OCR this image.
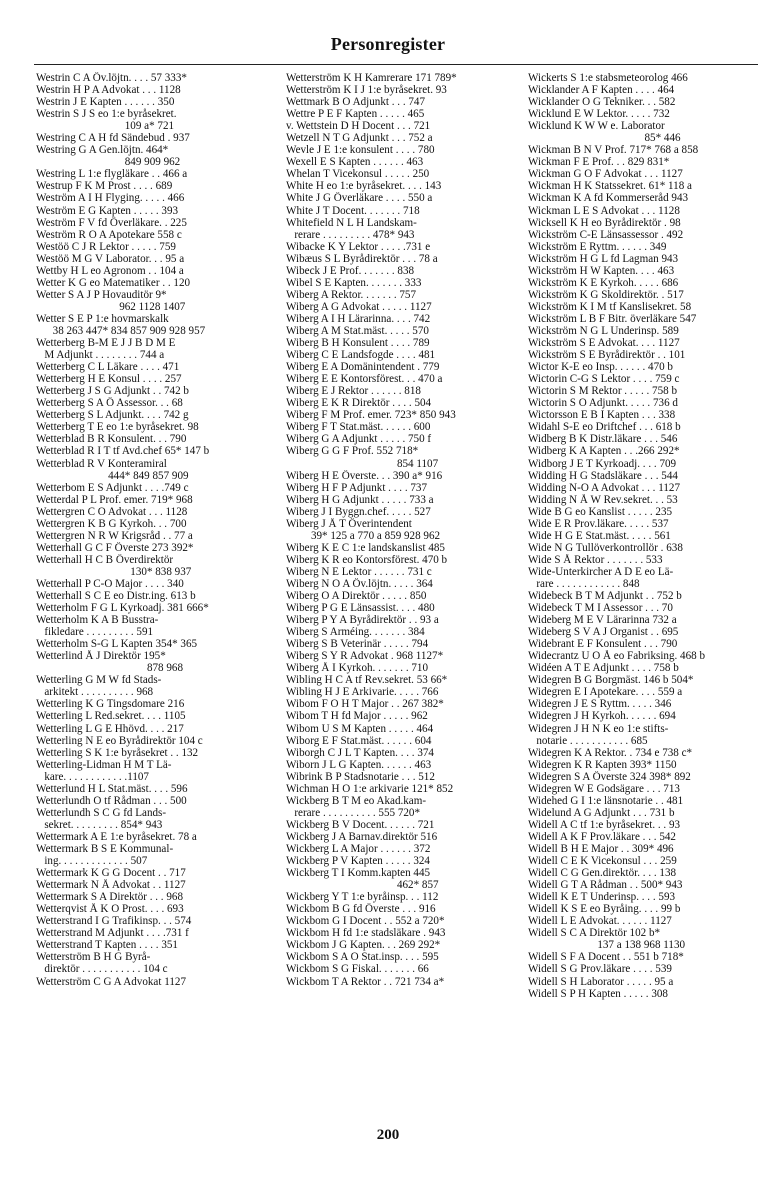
Personregister
Westrin C A Öv.löjtn. . . . 57 333*
Westrin H P A Advokat . . . 1128
Westrin J E Kapten . . . . . . 350
Westrin S J S eo 1:e byråsekret.
109 a* 721
Westring C A H fd Sändebud . 937
Westring G A Gen.löjtn. 464*
849 909 962
Westring L 1:e flygläkare . . 466 a
Westrup F K M Prost . . . . 689
Weström A I H Flyging. . . . . 466
Weström E G Kapten . . . . . 393
Weström F V fd Överläkare. . 225
Weström R O A Apotekare 558 c
Westöö C J R Lektor . . . . . 759
Westöö M G V Laborator. . . 95 a
Wettby H L eo Agronom . . 104 a
Wetter K G eo Matematiker . . 120
Wetter S A J P Hovauditör 9*
962 1128 1407
Wetter S E P 1:e hovmarskalk
38 263 447* 834 857 909 928 957
Wetterberg B-M E J J B D M E
M Adjunkt . . . . . . . . 744 a
Wetterberg C L Läkare . . . . 471
Wetterberg H E Konsul . . . . 257
Wetterberg J S G Adjunkt . . 742 b
Wetterberg S A Ö Assessor. . . 68
Wetterberg S L Adjunkt. . . . 742 g
Wetterberg T E eo 1:e byråsekret. 98
Wetterblad B R Konsulent. . . 790
Wetterblad R I T tf Avd.chef 65* 147 b
Wetterblad R V Konteramiral
444* 849 857 909
Wetterbom E S Adjunkt . . . .749 c
Wetterdal P L Prof. emer. 719* 968
Wettergren C O Advokat . . . 1128
Wettergren K B G Kyrkoh. . . 700
Wettergren N R W Krigsråd . . 77 a
Wetterhall G C F Överste 273 392*
Wetterhall H C B Överdirektör
130* 838 937
Wetterhall P C-O Major . . . . 340
Wetterhall S C E eo Distr.ing. 613 b
Wetterholm F G L Kyrkoadj. 381 666*
Wetterholm K A B Busstra-
fikledare . . . . . . . . . 591
Wetterholm S-G L Kapten 354* 365
Wetterlind Å J Direktör 195*
878 968
Wetterling G M W fd Stads-
arkitekt . . . . . . . . . . 968
Wetterling K G Tingsdomare 216
Wetterling L Red.sekret. . . . 1105
Wetterling L G E Hhövd. . . . 217
Wetterling N E eo Byrådirektör 104 c
Wetterling S K 1:e byråsekret . . 132
Wetterling-Lidman H M T Lä-
kare. . . . . . . . . . . .1107
Wetterlund H L Stat.mäst. . . . 596
Wetterlundh O tf Rådman . . . 500
Wetterlundh S C G fd Lands-
sekret. . . . . . . . . 854* 943
Wettermark A E 1:e byråsekret. 78 a
Wettermark B S E Kommunal-
ing. . . . . . . . . . . . . 507
Wettermark K G G Docent . . 717
Wettermark N Å Advokat . . 1127
Wettermark S A Direktör . . . 968
Wetterqvist Å K O Prost. . . . 693
Wetterstrand I G Trafikinsp. . . 574
Wetterstrand M Adjunkt . . . .731 f
Wetterstrand T Kapten . . . . 351
Wetterström B H G Byrå-
direktör . . . . . . . . . . . 104 c
Wetterström C G A Advokat 1127
Wetterström K H Kamrerare 171 789*
Wetterström K I J 1:e byråsekret. 93
Wettmark B O Adjunkt . . . 747
Wettre P E F Kapten . . . . . 465
v. Wettstein D H Docent . . . 721
Wetzell N T G Adjunkt . . . 752 a
Wevle J E 1:e konsulent . . . . 780
Wexell E S Kapten . . . . . . 463
Whelan T Vicekonsul . . . . . 250
White H eo 1:e byråsekret. . . . 143
White J G Överläkare . . . . 550 a
White J T Docent. . . . . . . 718
Whitefield N L H Landskam-
rerare . . . . . . . . . 478* 943
Wibacke K Y Lektor . . . . .731 e
Wibæus S L Byrådirektör . . . 78 a
Wibeck J E Prof. . . . . . . 838
Wibel S E Kapten. . . . . . . 333
Wiberg A Rektor. . . . . . . 757
Wiberg A G Advokat . . . . . 1127
Wiberg A I H Lärarinna. . . . 742
Wiberg A M Stat.mäst. . . . . 570
Wiberg B H Konsulent . . . . 789
Wiberg C E Landsfogde . . . . 481
Wiberg E A Domänintendent . 779
Wiberg E E Kontorsförest. . . 470 a
Wiberg E J Rektor . . . . . . 818
Wiberg E K R Direktör . . . . 504
Wiberg F M Prof. emer. 723* 850 943
Wiberg F T Stat.mäst. . . . . . 600
Wiberg G A Adjunkt . . . . . 750 f
Wiberg G G F Prof. 552 718*
854 1107
Wiberg H E Överste. . . 390 a* 916
Wiberg H F P Adjunkt . . . . 737
Wiberg H G Adjunkt . . . . . 733 a
Wiberg J I Byggn.chef. . . . . 527
Wiberg J Å T Överintendent
39* 125 a 770 a 859 928 962
Wiberg K E C 1:e landskanslist 485
Wiberg K R eo Kontorsförest. 470 b
Wiberg N E Lektor . . . . . . 731 c
Wiberg N O A Öv.löjtn. . . . . 364
Wiberg O A Direktör . . . . . 850
Wiberg P G E Länsassist. . . . 480
Wiberg P Y A Byrådirektör . . 93 a
Wiberg S Arméing. . . . . . . 384
Wiberg S B Veterinär . . . . . 794
Wiberg S Y R Advokat . 968 1127*
Wiberg Å I Kyrkoh. . . . . . . 710
Wibling H C A tf Rev.sekret. 53 66*
Wibling H J E Arkivarie. . . . . 766
Wibom F O H T Major . . 267 382*
Wibom T H fd Major . . . . . 962
Wibom U S M Kapten . . . . . 464
Wiborg E F Stat.mäst. . . . . . 604
Wiborgh C J L T Kapten. . . . 374
Wiborn J L G Kapten. . . . . . 463
Wibrink B P Stadsnotarie . . . 512
Wichman H O 1:e arkivarie 121* 852
Wickberg B T M eo Akad.kam-
rerare . . . . . . . . . . 555 720*
Wickberg B V Docent. . . . . . 721
Wickberg J A Barnav.direktör 516
Wickberg L A Major . . . . . . 372
Wickberg P V Kapten . . . . . 324
Wickberg T I Komm.kapten 445
462* 857
Wickberg Y T 1:e byråinsp. . . 112
Wickbom B G fd Överste . . . 916
Wickbom G I Docent . . 552 a 720*
Wickbom H fd 1:e stadsläkare . 943
Wickbom J G Kapten. . . 269 292*
Wickbom S A O Stat.insp. . . . 595
Wickbom S G Fiskal. . . . . . . 66
Wickbom T A Rektor . . 721 734 a*
Wickerts S 1:e stabsmeteorolog 466
Wicklander A F Kapten . . . . 464
Wicklander O G Tekniker. . . 582
Wicklund E W Lektor. . . . . 732
Wicklund K W W e. Laborator
85* 446
Wickman B N V Prof. 717* 768 a 858
Wickman F E Prof. . . 829 831*
Wickman G O F Advokat . . . 1127
Wickman H K Statssekret. 61* 118 a
Wickman K A fd Kommerseråd 943
Wickman L E S Advokat . . . 1128
Wicksell K H eo Byrådirektör . 98
Wickström C-E Länsassessor . 492
Wickström E Ryttm. . . . . . 349
Wickström H G L fd Lagman 943
Wickström H W Kapten. . . . 463
Wickström K E Kyrkoh. . . . . 686
Wickström K G Skoldirektör. . 517
Wickström K I M tf Kanslisekret. 58
Wickström L B F Bitr. överläkare 547
Wickström N G L Underinsp. 589
Wickström S E Advokat. . . . 1127
Wickström S E Byrådirektör . . 101
Wictor K-E eo Insp. . . . . . 470 b
Wictorin C-G S Lektor . . . . 759 c
Wictorin S M Rektor . . . . . 758 b
Wictorin S O Adjunkt. . . . . 736 d
Wictorsson E B I Kapten . . . 338
Widahl S-E eo Driftchef . . . 618 b
Widberg B K Distr.läkare . . . 546
Widberg K A Kapten . . .266 292*
Widborg J E T Kyrkoadj. . . . 709
Widding H G Stadsläkare . . . 544
Widding N-O A Advokat . . . 1127
Widding N Å W Rev.sekret. . . 53
Wide B G eo Kanslist . . . . . 235
Wide E R Prov.läkare. . . . . 537
Wide H G E Stat.mäst. . . . . 561
Wide N G Tullöverkontrollör . 638
Wide S Å Rektor . . . . . . . 533
Wide-Unterkircher A D E eo Lä-
rare . . . . . . . . . . . . 848
Widebeck B T M Adjunkt . . 752 b
Widebeck T M I Assessor . . . 70
Wideberg M E V Lärarinna 732 a
Wideberg S V A J Organist . . 695
Widebrant E F Konsulent . . . 790
Widecrantz U O Å eo Fabriksing. 468 b
Widéen A T E Adjunkt . . . . 758 b
Widegren B G Borgmäst. 146 b 504*
Widegren E I Apotekare. . . . 559 a
Widegren J E S Ryttm. . . . . 346
Widegren J H Kyrkoh. . . . . . 694
Widegren J H N K eo 1:e stifts-
notarie . . . . . . . . . . . 685
Widegren K A Rektor. . 734 e 738 c*
Widegren K R Kapten 393* 1150
Widegren S A Överste 324 398* 892
Widegren W E Godsägare . . . 713
Widehed G I 1:e länsnotarie . . 481
Widelund A G Adjunkt . . . 731 b
Widell A C tf 1:e byråsekret. . . 93
Widell A K F Prov.läkare . . . 542
Widell B H E Major . . 309* 496
Widell C E K Vicekonsul . . . 259
Widell C G Gen.direktör. . . . 138
Widell G T A Rådman . . 500* 943
Widell K E T Underinsp. . . . 593
Widell K S E eo Byråing. . . . 99 b
Widell L E Advokat. . . . . . 1127
Widell S C A Direktör 102 b*
137 a 138 968 1130
Widell S F A Docent . . 551 b 718*
Widell S G Prov.läkare . . . . 539
Widell S H Laborator . . . . . 95 a
Widell S P H Kapten . . . . . 308
200
